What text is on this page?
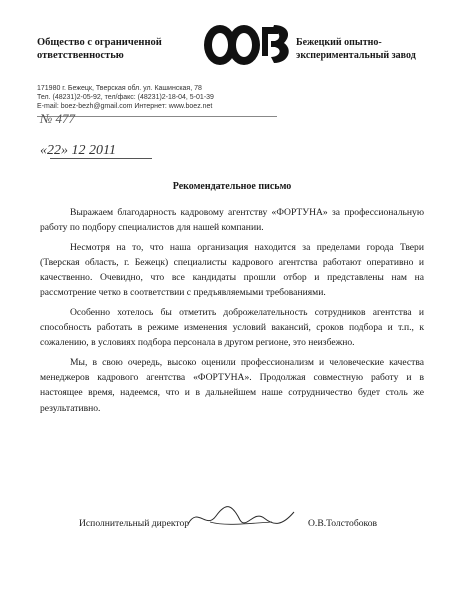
Общество с ограниченной
ответственностью
Бежецкий опытно-
экспериментальный завод
171980 г. Бежецк, Тверская обл. ул. Кашинская, 78
Тел. (48231)2-05-92, тел/факс: (48231)2-18-04, 5-01-39
E-mail: boez-bezh@gmail.com Интернет: www.boez.net
№ 477
«22» 12 2011
Рекомендательное письмо

Выражаем благодарность кадровому агентству «ФОРТУНА» за профессиональную работу по подбору специалистов для нашей компании.

Несмотря на то, что наша организация находится за пределами города Твери (Тверская область, г. Бежецк) специалисты кадрового агентства работают оперативно и качественно. Очевидно, что все кандидаты прошли отбор и представлены нам на рассмотрение четко в соответствии с предъявляемыми требованиями.

Особенно хотелось бы отметить доброжелательность сотрудников агентства и способность работать в режиме изменения условий вакансий, сроков подбора и т.п., к сожалению, в условиях подбора персонала в другом регионе, это неизбежно.

Мы, в свою очередь, высоко оценили профессионализм и человеческие качества менеджеров кадрового агентства «ФОРТУНА». Продолжая совместную работу и в настоящее время, надеемся, что и в дальнейшем наше сотрудничество будет столь же результативно.

Исполнительный директор	О.В.Толстобоков
